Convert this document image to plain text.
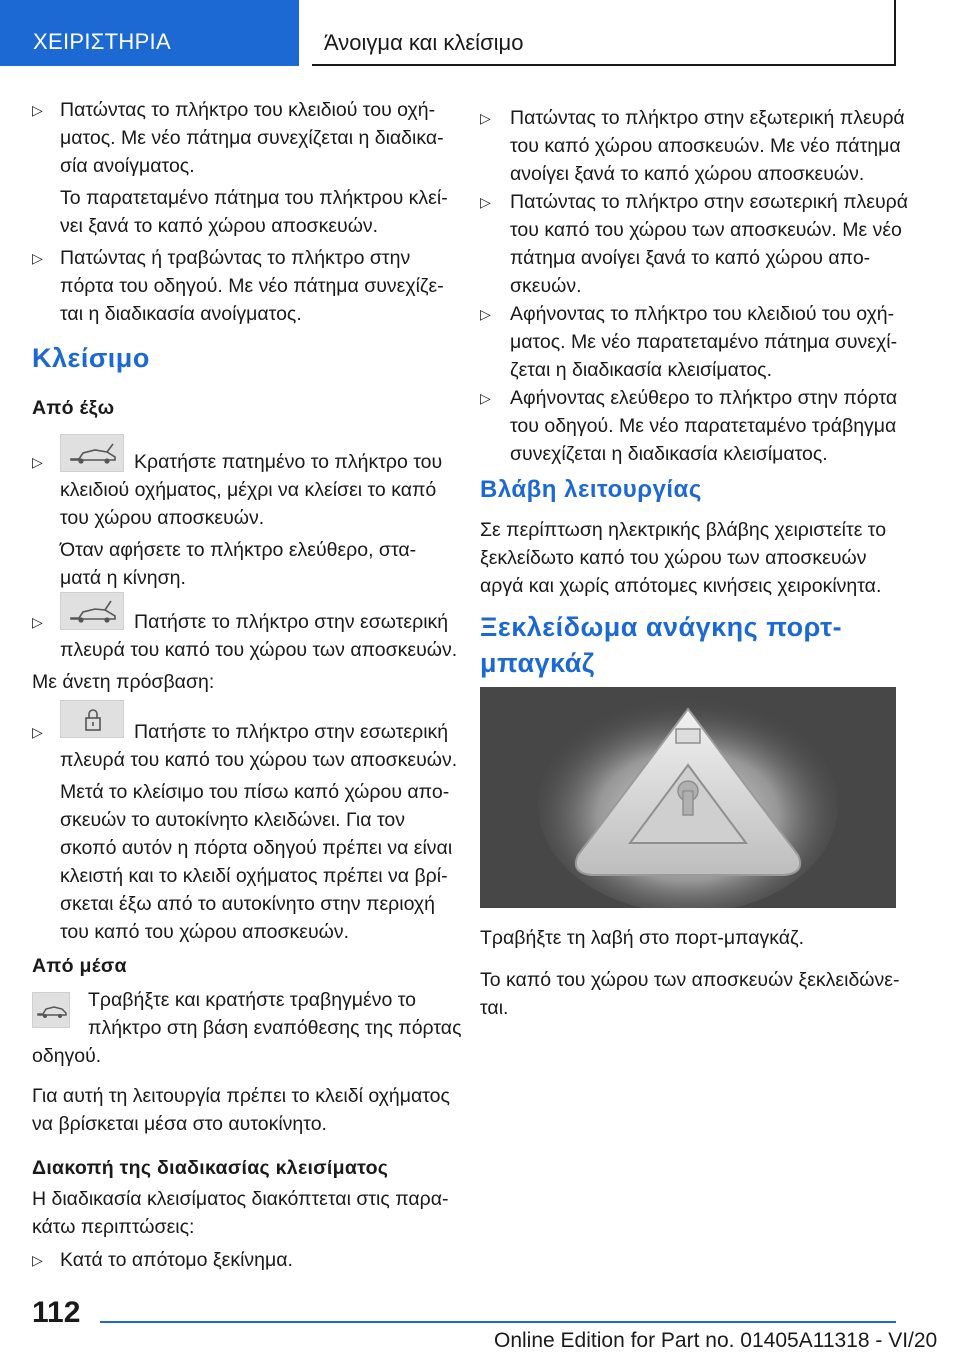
ΧΕΙΡΙΣΤΗΡΙΑ	Άνοιγμα και κλείσιμο
▷ Πατώντας το πλήκτρο του κλειδιού του οχή-
ματος. Με νέο πάτημα συνεχίζεται η διαδικα-
σία ανοίγματος.
Το παρατεταμένο πάτημα του πλήκτρου κλεί-
νει ξανά το καπό χώρου αποσκευών.
▷ Πατώντας ή τραβώντας το πλήκτρο στην
πόρτα του οδηγού. Με νέο πάτημα συνεχίζε-
ται η διαδικασία ανοίγματος.
Κλείσιμο
Από έξω
▷	Κρατήστε πατημένο το πλήκτρο του
κλειδιού οχήματος, μέχρι να κλείσει το καπό
του χώρου αποσκευών.
Όταν αφήσετε το πλήκτρο ελεύθερο, στα-
ματά η κίνηση.
▷	Πατήστε το πλήκτρο στην εσωτερική
πλευρά του καπό του χώρου των αποσκευών.
Με άνετη πρόσβαση:
▷	Πατήστε το πλήκτρο στην εσωτερική
πλευρά του καπό του χώρου των αποσκευών.
Μετά το κλείσιμο του πίσω καπό χώρου απο-
σκευών το αυτοκίνητο κλειδώνει. Για τον
σκοπό αυτόν η πόρτα οδηγού πρέπει να είναι
κλειστή και το κλειδί οχήματος πρέπει να βρί-
σκεται έξω από το αυτοκίνητο στην περιοχή
του καπό του χώρου αποσκευών.
Από μέσα
Τραβήξτε και κρατήστε τραβηγμένο το
πλήκτρο στη βάση εναπόθεσης της πόρτας
οδηγού.
Για αυτή τη λειτουργία πρέπει το κλειδί οχήματος
να βρίσκεται μέσα στο αυτοκίνητο.
Διακοπή της διαδικασίας κλεισίματος
Η διαδικασία κλεισίματος διακόπτεται στις παρα-
κάτω περιπτώσεις:
▷ Κατά το απότομο ξεκίνημα.
▷ Πατώντας το πλήκτρο στην εξωτερική πλευρά
του καπό χώρου αποσκευών. Με νέο πάτημα
ανοίγει ξανά το καπό χώρου αποσκευών.
▷ Πατώντας το πλήκτρο στην εσωτερική πλευρά
του καπό του χώρου των αποσκευών. Με νέο
πάτημα ανοίγει ξανά το καπό χώρου απο-
σκευών.
▷ Αφήνοντας το πλήκτρο του κλειδιού του οχή-
ματος. Με νέο παρατεταμένο πάτημα συνεχί-
ζεται η διαδικασία κλεισίματος.
▷ Αφήνοντας ελεύθερο το πλήκτρο στην πόρτα
του οδηγού. Με νέο παρατεταμένο τράβηγμα
συνεχίζεται η διαδικασία κλεισίματος.
Βλάβη λειτουργίας
Σε περίπτωση ηλεκτρικής βλάβης χειριστείτε το
ξεκλείδωτο καπό του χώρου των αποσκευών
αργά και χωρίς απότομες κινήσεις χειροκίνητα.
Ξεκλείδωμα ανάγκης πορτ-
μπαγκάζ
Τραβήξτε τη λαβή στο πορτ-μπαγκάζ.
Το καπό του χώρου των αποσκευών ξεκλειδώνε-
ται.
112
Online Edition for Part no. 01405A11318 - VI/20
